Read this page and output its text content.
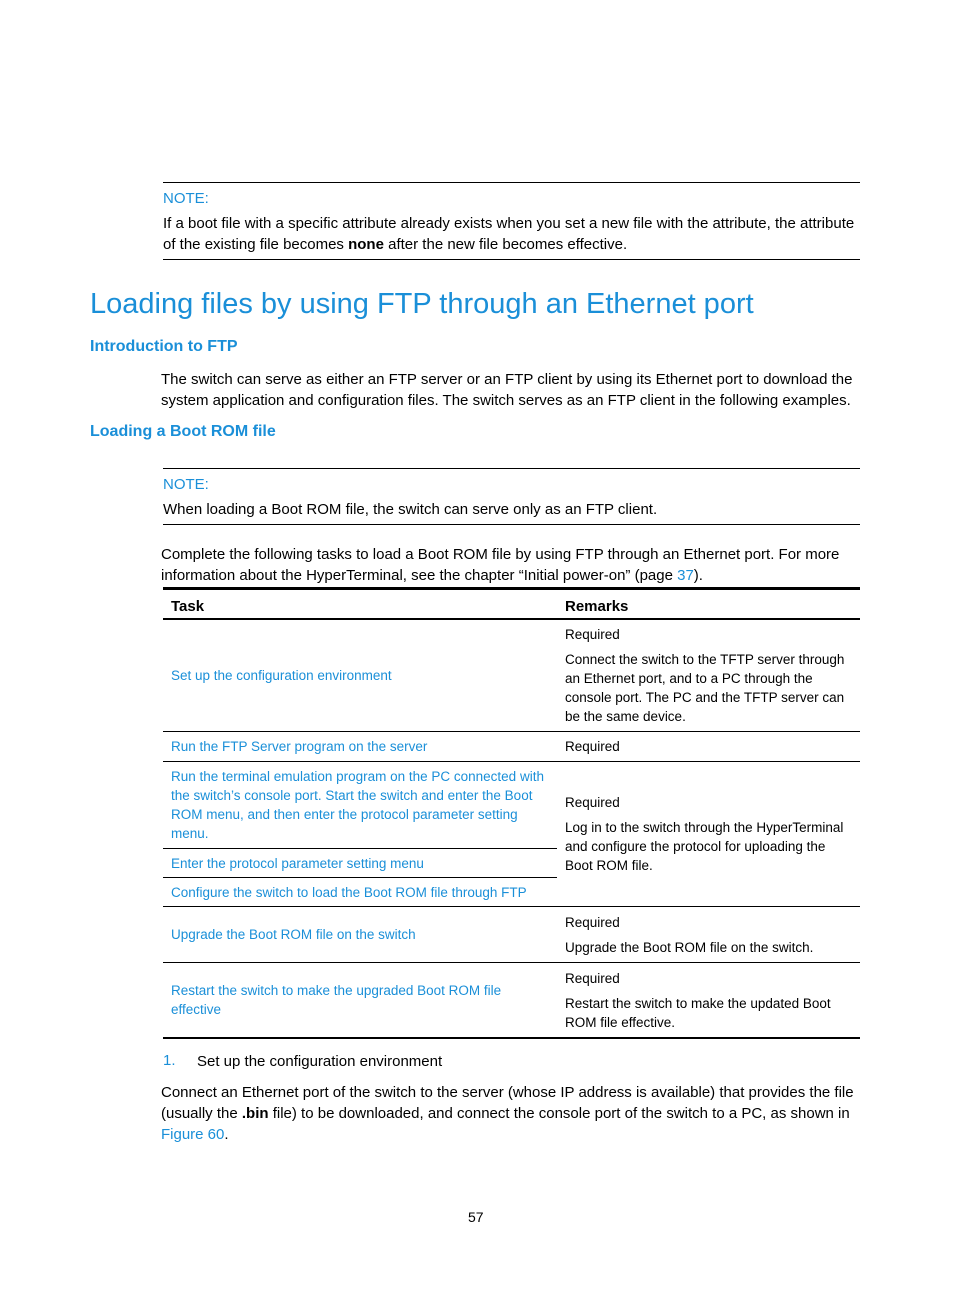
NOTE:
If a boot file with a specific attribute already exists when you set a new file with the attribute, the attribute of the existing file becomes none after the new file becomes effective.
Loading files by using FTP through an Ethernet port
Introduction to FTP
The switch can serve as either an FTP server or an FTP client by using its Ethernet port to download the system application and configuration files. The switch serves as an FTP client in the following examples.
Loading a Boot ROM file
NOTE:
When loading a Boot ROM file, the switch can serve only as an FTP client.
Complete the following tasks to load a Boot ROM file by using FTP through an Ethernet port. For more information about the HyperTerminal, see the chapter “Initial power-on” (page 37).
Task	Remarks
Set up the configuration environment	Required
Connect the switch to the TFTP server through an Ethernet port, and to a PC through the console port. The PC and the TFTP server can be the same device.

Run the FTP Server program on the server	Required
Run the terminal emulation program on the PC connected with the switch’s console port. Start the switch and enter the Boot ROM menu, and then enter the protocol parameter setting menu.	Required
Log in to the switch through the HyperTerminal and configure the protocol for uploading the Boot ROM file.

Enter the protocol parameter setting menu	
Configure the switch to load the Boot ROM file through FTP	
Upgrade the Boot ROM file on the switch	Required
Upgrade the Boot ROM file on the switch.

Restart the switch to make the upgraded Boot ROM file effective	Required
Restart the switch to make the updated Boot ROM file effective.
1. Set up the configuration environment
Connect an Ethernet port of the switch to the server (whose IP address is available) that provides the file (usually the .bin file) to be downloaded, and connect the console port of the switch to a PC, as shown in Figure 60.
57
